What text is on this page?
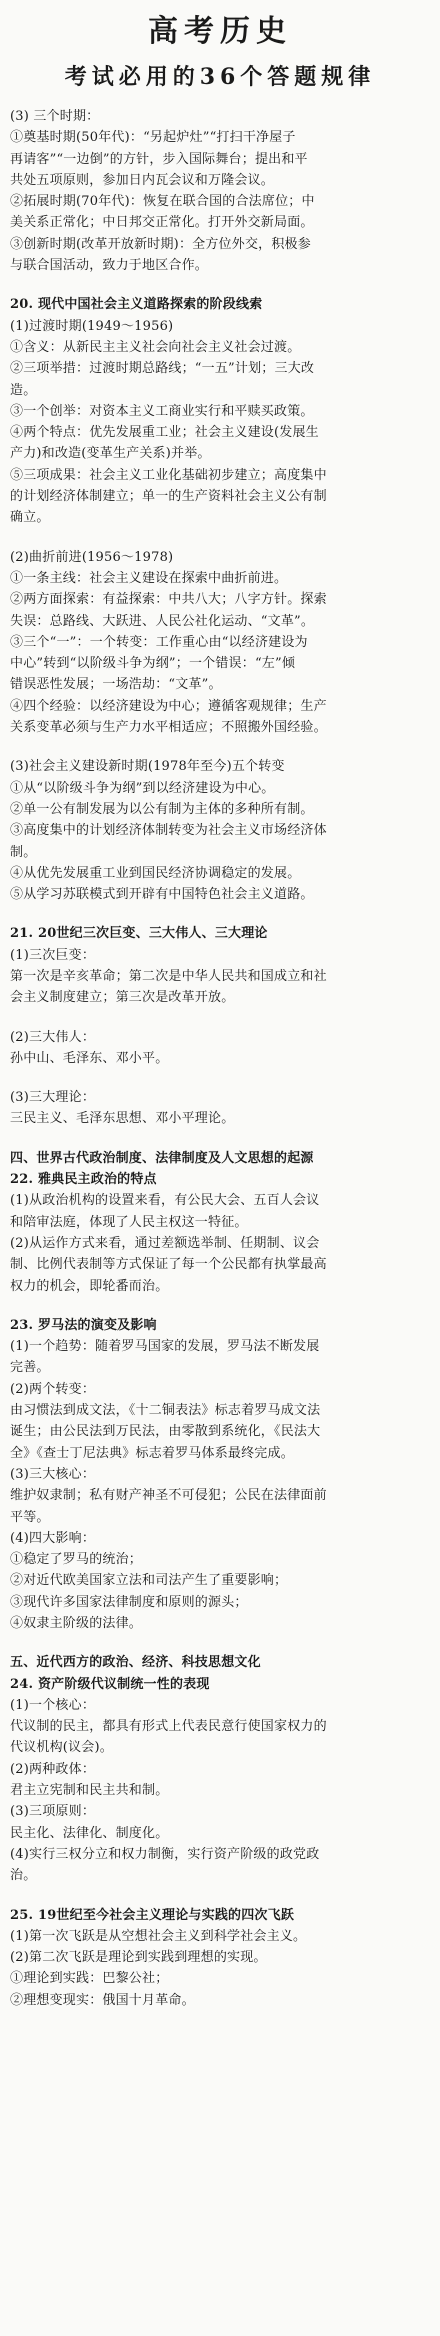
高考历史
考试必用的36个答题规律
(3) 三个时期：
①奠基时期(50年代)：“另起炉灶”“打扫干净屋子
再请客”“一边倒”的方针，步入国际舞台；提出和平
共处五项原则，参加日内瓦会议和万隆会议。
②拓展时期(70年代)：恢复在联合国的合法席位；中
美关系正常化；中日邦交正常化。打开外交新局面。
③创新时期(改革开放新时期)：全方位外交，积极参
与联合国活动，致力于地区合作。
20. 现代中国社会主义道路探索的阶段线索
(1)过渡时期(1949～1956)
①含义：从新民主主义社会向社会主义社会过渡。
②三项举措：过渡时期总路线；“一五”计划；三大改
造。
③一个创举：对资本主义工商业实行和平赎买政策。
④两个特点：优先发展重工业；社会主义建设(发展生
产力)和改造(变革生产关系)并举。
⑤三项成果：社会主义工业化基础初步建立；高度集中
的计划经济体制建立；单一的生产资料社会主义公有制
确立。
(2)曲折前进(1956～1978)
①一条主线：社会主义建设在探索中曲折前进。
②两方面探索：有益探索：中共八大；八字方针。探索
失误：总路线、大跃进、人民公社化运动、“文革”。
③三个“一”：一个转变：工作重心由“以经济建设为
中心”转到“以阶级斗争为纲”；一个错误：“左”倾
错误恶性发展；一场浩劫：“文革”。
④四个经验：以经济建设为中心；遵循客观规律；生产
关系变革必须与生产力水平相适应；不照搬外国经验。
(3)社会主义建设新时期(1978年至今)五个转变
①从“以阶级斗争为纲”到以经济建设为中心。
②单一公有制发展为以公有制为主体的多种所有制。
③高度集中的计划经济体制转变为社会主义市场经济体
制。
④从优先发展重工业到国民经济协调稳定的发展。
⑤从学习苏联模式到开辟有中国特色社会主义道路。
21. 20世纪三次巨变、三大伟人、三大理论
(1)三次巨变：
第一次是辛亥革命；第二次是中华人民共和国成立和社
会主义制度建立；第三次是改革开放。
(2)三大伟人：
孙中山、毛泽东、邓小平。
(3)三大理论：
三民主义、毛泽东思想、邓小平理论。
四、世界古代政治制度、法律制度及人文思想的起源
22. 雅典民主政治的特点
(1)从政治机构的设置来看，有公民大会、五百人会议
和陪审法庭，体现了人民主权这一特征。
(2)从运作方式来看，通过差额选举制、任期制、议会
制、比例代表制等方式保证了每一个公民都有执掌最高
权力的机会，即轮番而治。
23. 罗马法的演变及影响
(1)一个趋势：随着罗马国家的发展，罗马法不断发展
完善。
(2)两个转变：
由习惯法到成文法，《十二铜表法》标志着罗马成文法
诞生；由公民法到万民法，由零散到系统化，《民法大
全》《查士丁尼法典》标志着罗马体系最终完成。
(3)三大核心：
维护奴隶制；私有财产神圣不可侵犯；公民在法律面前
平等。
(4)四大影响：
①稳定了罗马的统治；
②对近代欧美国家立法和司法产生了重要影响；
③现代许多国家法律制度和原则的源头；
④奴隶主阶级的法律。
五、近代西方的政治、经济、科技思想文化
24. 资产阶级代议制统一性的表现
(1)一个核心：
代议制的民主，都具有形式上代表民意行使国家权力的
代议机构(议会)。
(2)两种政体：
君主立宪制和民主共和制。
(3)三项原则：
民主化、法律化、制度化。
(4)实行三权分立和权力制衡，实行资产阶级的政党政
治。
25. 19世纪至今社会主义理论与实践的四次飞跃
(1)第一次飞跃是从空想社会主义到科学社会主义。
(2)第二次飞跃是理论到实践到理想的实现。
①理论到实践：巴黎公社；
②理想变现实：俄国十月革命。
